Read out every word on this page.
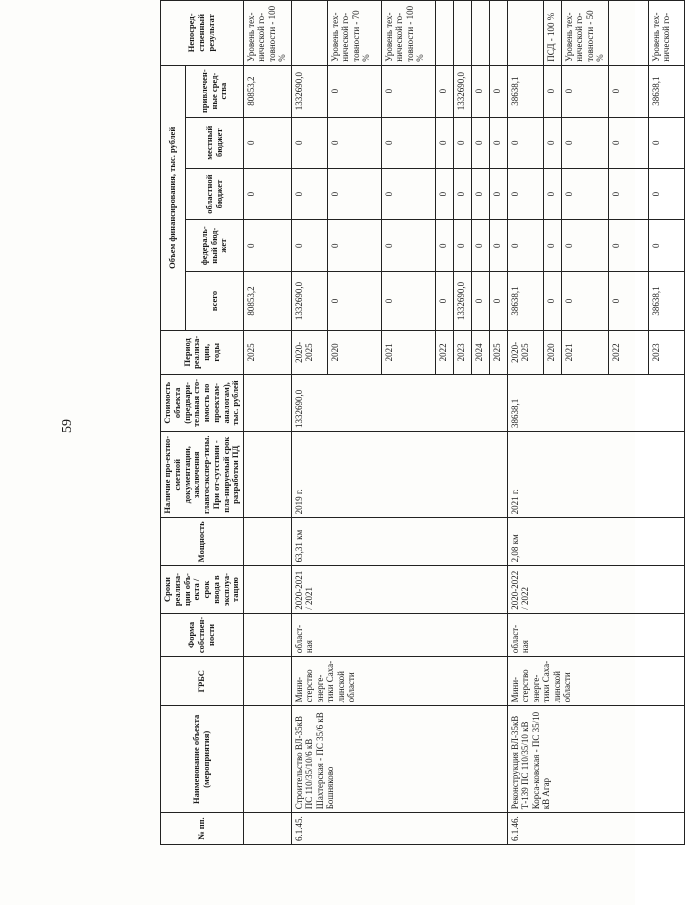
59
№ пп.	Наименование объекта (мероприятия)	ГРБС	Форма собствен-ности	Сроки реализа-ции объ-екта / срок ввода в эксплуа-тацию	Мощность	Наличие про-ектно-сметной документации, заключения главгосэкспер-тизы. При от-сутствии - пла-нируемый срок разработки ПД	Стоимость объекта (предвари-тельная сто-имость по проектам-аналогам), тыс. рублей	Период реализа-ции, годы	Объем финансирования, тыс. рублей					Непосред-ственный результат
									всего	федераль-ный бюд-жет	областной бюджет	местный бюджет	привлечен-ные сред-ства	
								2025	80853,2	0	0	0	80853,2	Уровень тех-нической го-товности - 100 %
6.1.45.	Строительство ВЛ-35кВ ПС 110/35/10/6 кВ Шахтерская - ПС 35/6 кВ Бошняково	Мини-стерство энерге-тики Саха-линской области	област-ная	2020-2021 / 2021	63,31 км	2019 г.	1332690,0	2020-2025	1332690,0	0	0	0	1332690,0	
								2020	0	0	0	0	0	Уровень тех-нической го-товности - 70 %
								2021	0	0	0	0	0	Уровень тех-нической го-товности - 100 %
								2022	0	0	0	0	0	
								2023	1332690,0	0	0	0	1332690,0	
								2024	0	0	0	0	0	
								2025	0	0	0	0	0	
6.1.46.	Реконструкция ВЛ-35кВ Т-139 ПС 110/35/10 кВ Корса-ковская - ПС 35/10 кВ Агар	Мини-стерство энерге-тики Саха-линской области	област-ная	2020-2022 / 2022	2,08 км	2021 г.	38638,1	2020-2025	38638,1	0	0	0	38638,1	
								2020	0	0	0	0	0	ПСД - 100 %
								2021	0	0	0	0	0	Уровень тех-нической го-товности - 50 %
								2022	0	0	0	0	0	
								2023	38638,1	0	0	0	38638,1	Уровень тех-нической го-
